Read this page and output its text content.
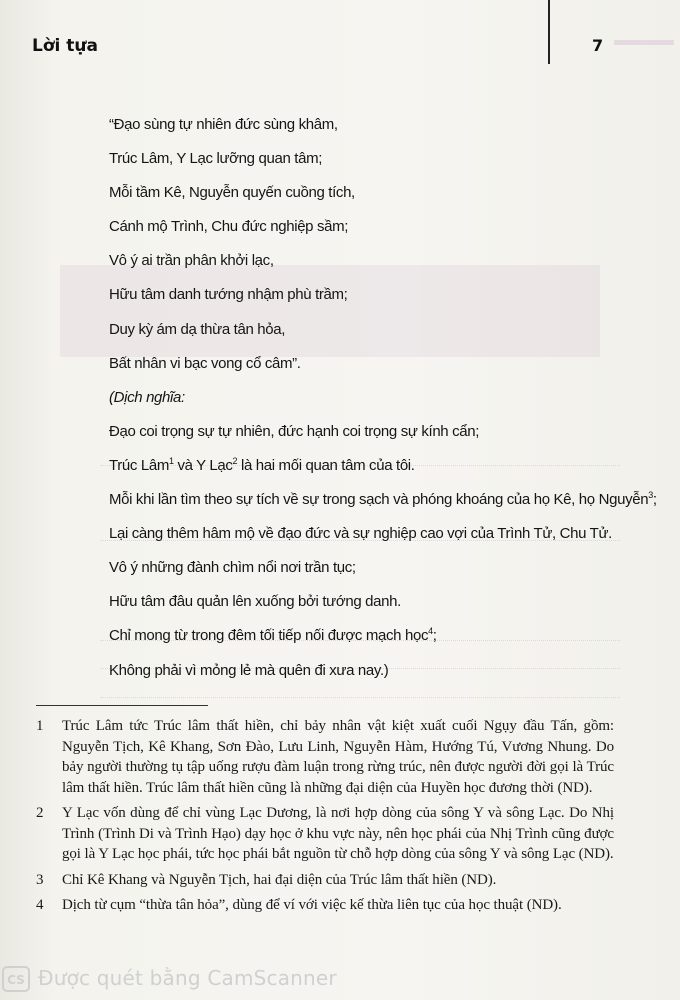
Lời tựa	7
“Đạo sùng tự nhiên đức sùng khâm,
Trúc Lâm, Y Lạc lưỡng quan tâm;
Mỗi tầm Kê, Nguyễn quyến cuồng tích,
Cánh mộ Trình, Chu đức nghiệp sầm;
Vô ý ai trần phân khởi lạc,
Hữu tâm danh tướng nhậm phù trầm;
Duy kỳ ám dạ thừa tân hỏa,
Bất nhân vi bạc vong cổ câm”.
(Dịch nghĩa:
Đạo coi trọng sự tự nhiên, đức hạnh coi trọng sự kính cẩn;
Trúc Lâm$^1$ và Y Lạc$^2$ là hai mối quan tâm của tôi.
Mỗi khi lần tìm theo sự tích về sự trong sạch và phóng khoáng của họ Kê, họ Nguyễn$^3$;
Lại càng thêm hâm mộ về đạo đức và sự nghiệp cao vợi của Trình Tử, Chu Tử.
Vô ý những đành chìm nổi nơi trần tục;
Hữu tâm đâu quản lên xuống bởi tướng danh.
Chỉ mong từ trong đêm tối tiếp nối được mạch học$^4$;
Không phải vì mỏng lẻ mà quên đi xưa nay.)
1 Trúc Lâm tức Trúc lâm thất hiền, chỉ bảy nhân vật kiệt xuất cuối Ngụy đầu Tấn, gồm: Nguyễn Tịch, Kê Khang, Sơn Đào, Lưu Linh, Nguyễn Hàm, Hướng Tú, Vương Nhung. Do bảy người thường tụ tập uống rượu đàm luận trong rừng trúc, nên được người đời gọi là Trúc lâm thất hiền. Trúc lâm thất hiền cũng là những đại diện của Huyền học đương thời (ND).
2 Y Lạc vốn dùng để chỉ vùng Lạc Dương, là nơi hợp dòng của sông Y và sông Lạc. Do Nhị Trình (Trình Di và Trình Hạo) dạy học ở khu vực này, nên học phái của Nhị Trình cũng được gọi là Y Lạc học phái, tức học phái bắt nguồn từ chỗ hợp dòng của sông Y và sông Lạc (ND).
3 Chỉ Kê Khang và Nguyễn Tịch, hai đại diện của Trúc lâm thất hiền (ND).
4 Dịch từ cụm “thừa tân hỏa”, dùng để ví với việc kế thừa liên tục của học thuật (ND).
CS Được quét bằng CamScanner
